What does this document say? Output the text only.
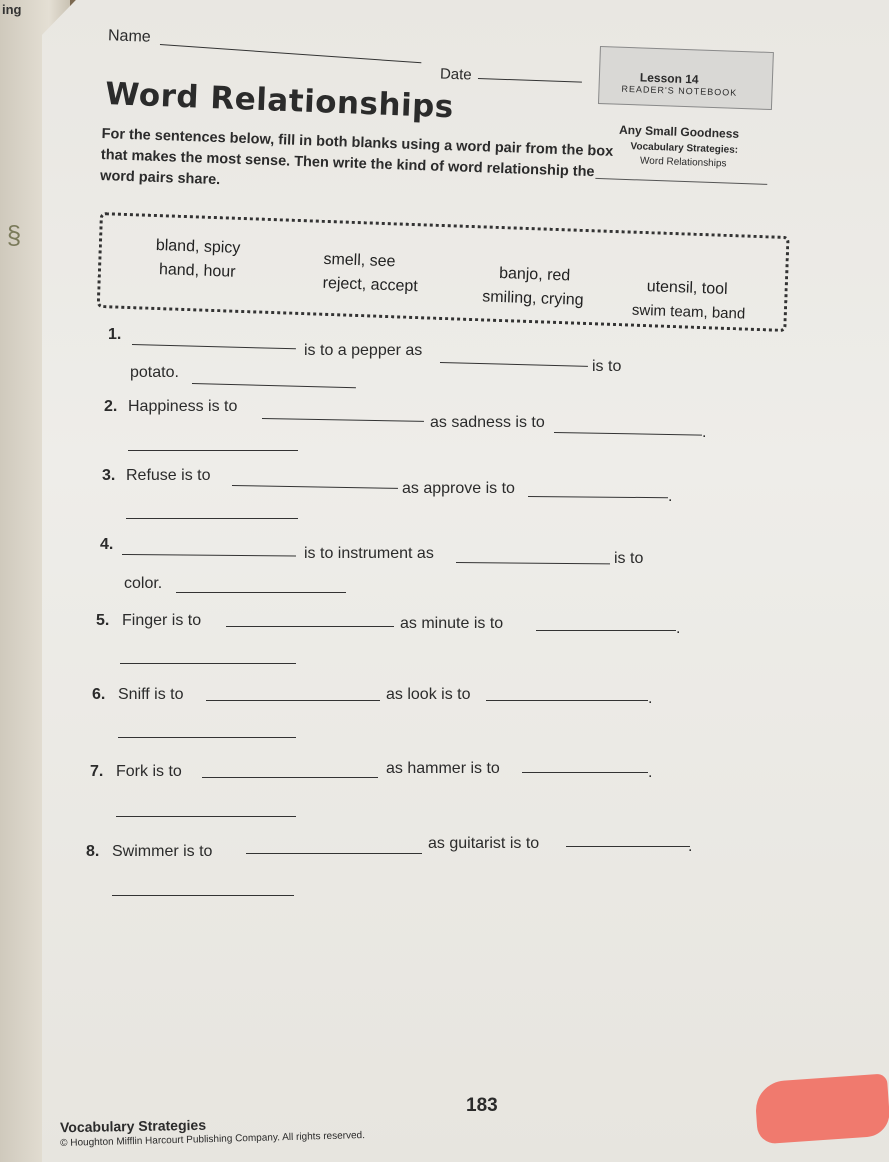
ing
§
Name
Date
Word Relationships	Lesson 14
READER'S NOTEBOOK
Any Small Goodness
Vocabulary Strategies:
Word Relationships
For the sentences below, fill in both blanks using a word pair from the box that makes the most sense. Then write the kind of word relationship the word pairs share.
bland, spicy
hand, hour
smell, see
reject, accept
banjo, red
smiling, crying
utensil, tool
swim team, band
1.
is to a pepper as
is to
potato.
2. Happiness is to
as sadness is to
.
3. Refuse is to
as approve is to	.
4.
is to instrument as	is to
color.
5. Finger is to	as minute is to	.
6. Sniff is to	as look is to	.
7. Fork is to	as hammer is to	.
8. Swimmer is to	as guitarist is to	.
183
Vocabulary Strategies
© Houghton Mifflin Harcourt Publishing Company. All rights reserved.
